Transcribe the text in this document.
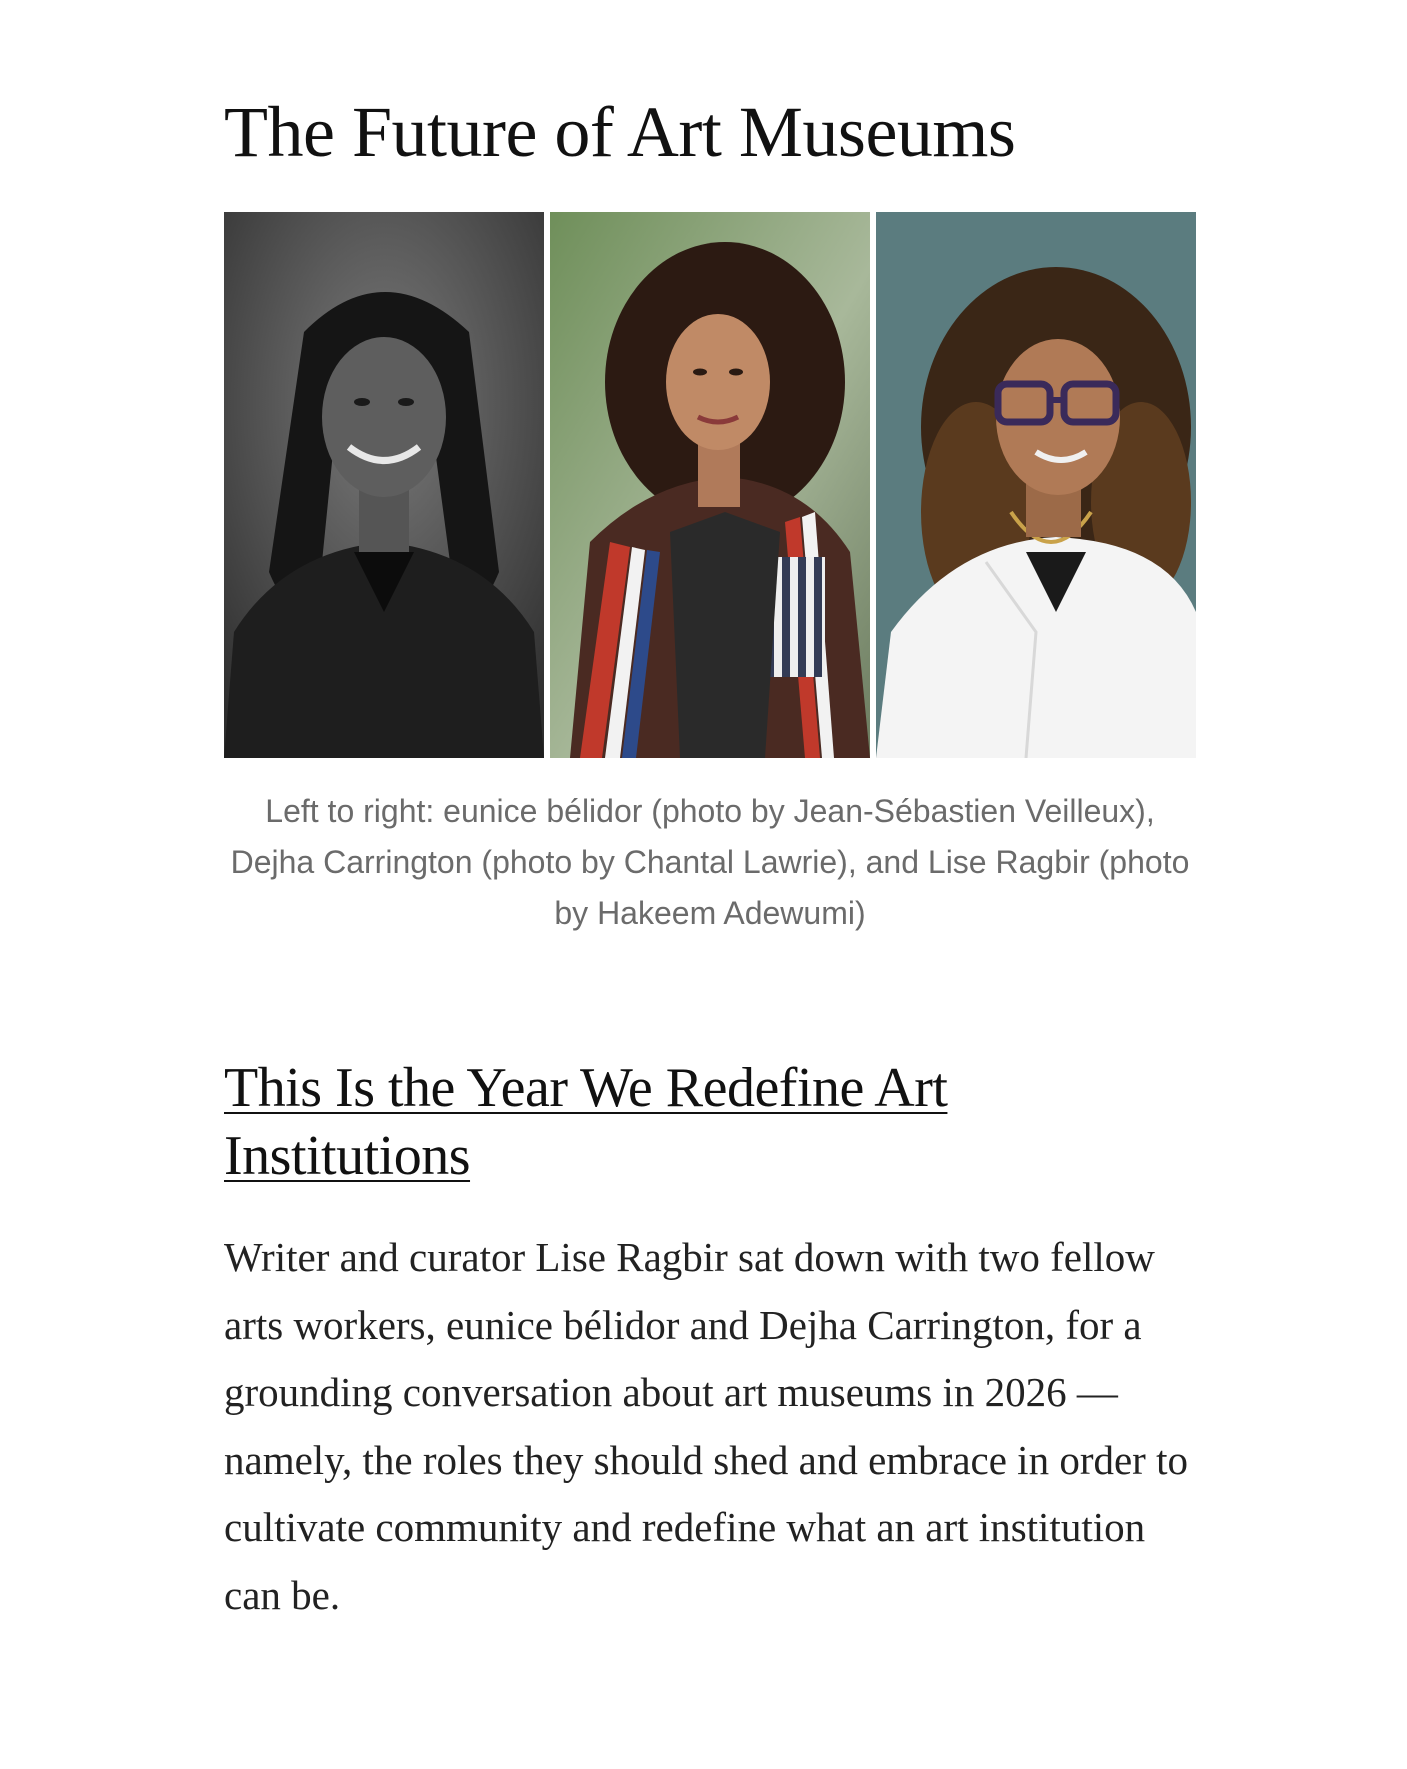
The Future of Art Museums

Left to right: eunice bélidor (photo by Jean-Sébastien Veilleux), Dejha Carrington (photo by Chantal Lawrie), and Lise Ragbir (photo by Hakeem Adewumi)

This Is the Year We Redefine Art Institutions

Writer and curator Lise Ragbir sat down with two fellow arts workers, eunice bélidor and Dejha Carrington, for a grounding conversation about art museums in 2026 — namely, the roles they should shed and embrace in order to cultivate community and redefine what an art institution can be.
